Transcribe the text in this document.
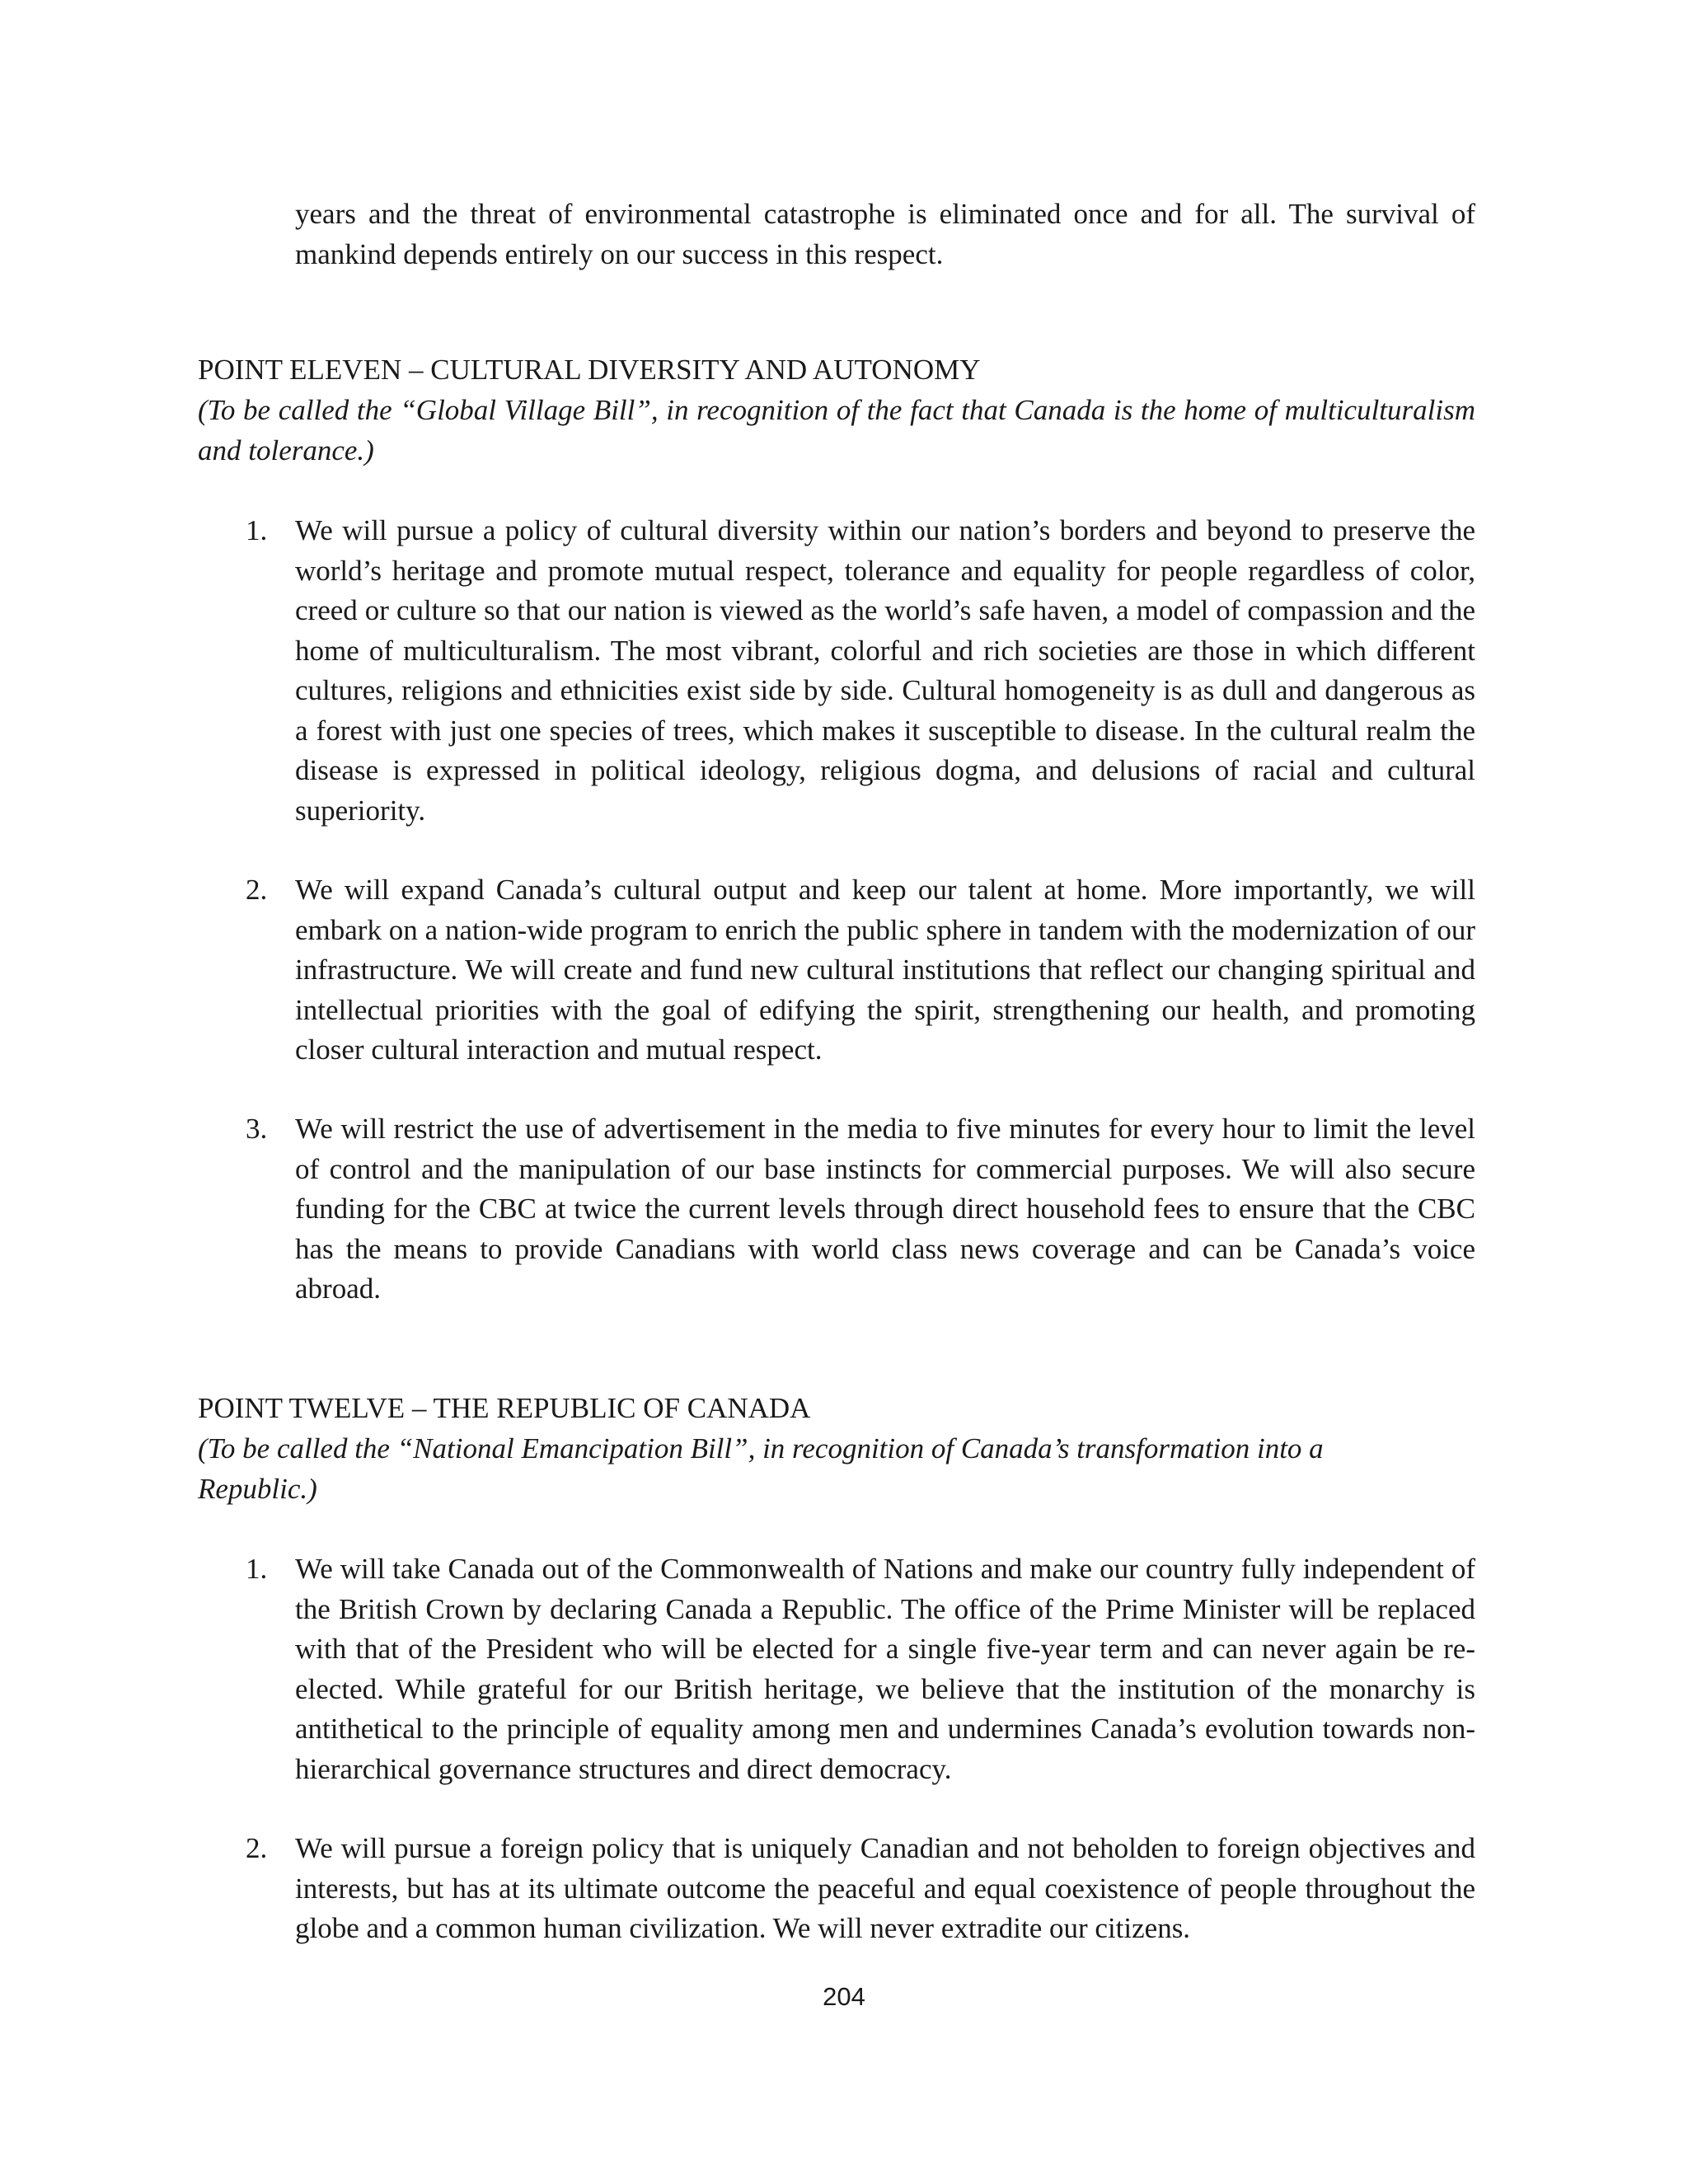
years and the threat of environmental catastrophe is eliminated once and for all. The survival of mankind depends entirely on our success in this respect.

POINT ELEVEN – CULTURAL DIVERSITY AND AUTONOMY

(To be called the “Global Village Bill”, in recognition of the fact that Canada is the home of multiculturalism and tolerance.)

1. We will pursue a policy of cultural diversity within our nation’s borders and beyond to preserve the world’s heritage and promote mutual respect, tolerance and equality for people regardless of color, creed or culture so that our nation is viewed as the world’s safe haven, a model of compassion and the home of multiculturalism. The most vibrant, colorful and rich societies are those in which different cultures, religions and ethnicities exist side by side. Cultural homogeneity is as dull and dangerous as a forest with just one species of trees, which makes it susceptible to disease. In the cultural realm the disease is expressed in political ideology, religious dogma, and delusions of racial and cultural superiority.

2. We will expand Canada’s cultural output and keep our talent at home. More importantly, we will embark on a nation-wide program to enrich the public sphere in tandem with the modernization of our infrastructure. We will create and fund new cultural institutions that reflect our changing spiritual and intellectual priorities with the goal of edifying the spirit, strengthening our health, and promoting closer cultural interaction and mutual respect.

3. We will restrict the use of advertisement in the media to five minutes for every hour to limit the level of control and the manipulation of our base instincts for commercial purposes. We will also secure funding for the CBC at twice the current levels through direct household fees to ensure that the CBC has the means to provide Canadians with world class news coverage and can be Canada’s voice abroad.

POINT TWELVE – THE REPUBLIC OF CANADA

(To be called the “National Emancipation Bill”, in recognition of Canada’s transformation into a Republic.)

1. We will take Canada out of the Commonwealth of Nations and make our country fully independent of the British Crown by declaring Canada a Republic. The office of the Prime Minister will be replaced with that of the President who will be elected for a single five-year term and can never again be re-elected. While grateful for our British heritage, we believe that the institution of the monarchy is antithetical to the principle of equality among men and undermines Canada’s evolution towards non-hierarchical governance structures and direct democracy.

2. We will pursue a foreign policy that is uniquely Canadian and not beholden to foreign objectives and interests, but has at its ultimate outcome the peaceful and equal coexistence of people throughout the globe and a common human civilization. We will never extradite our citizens.

204
